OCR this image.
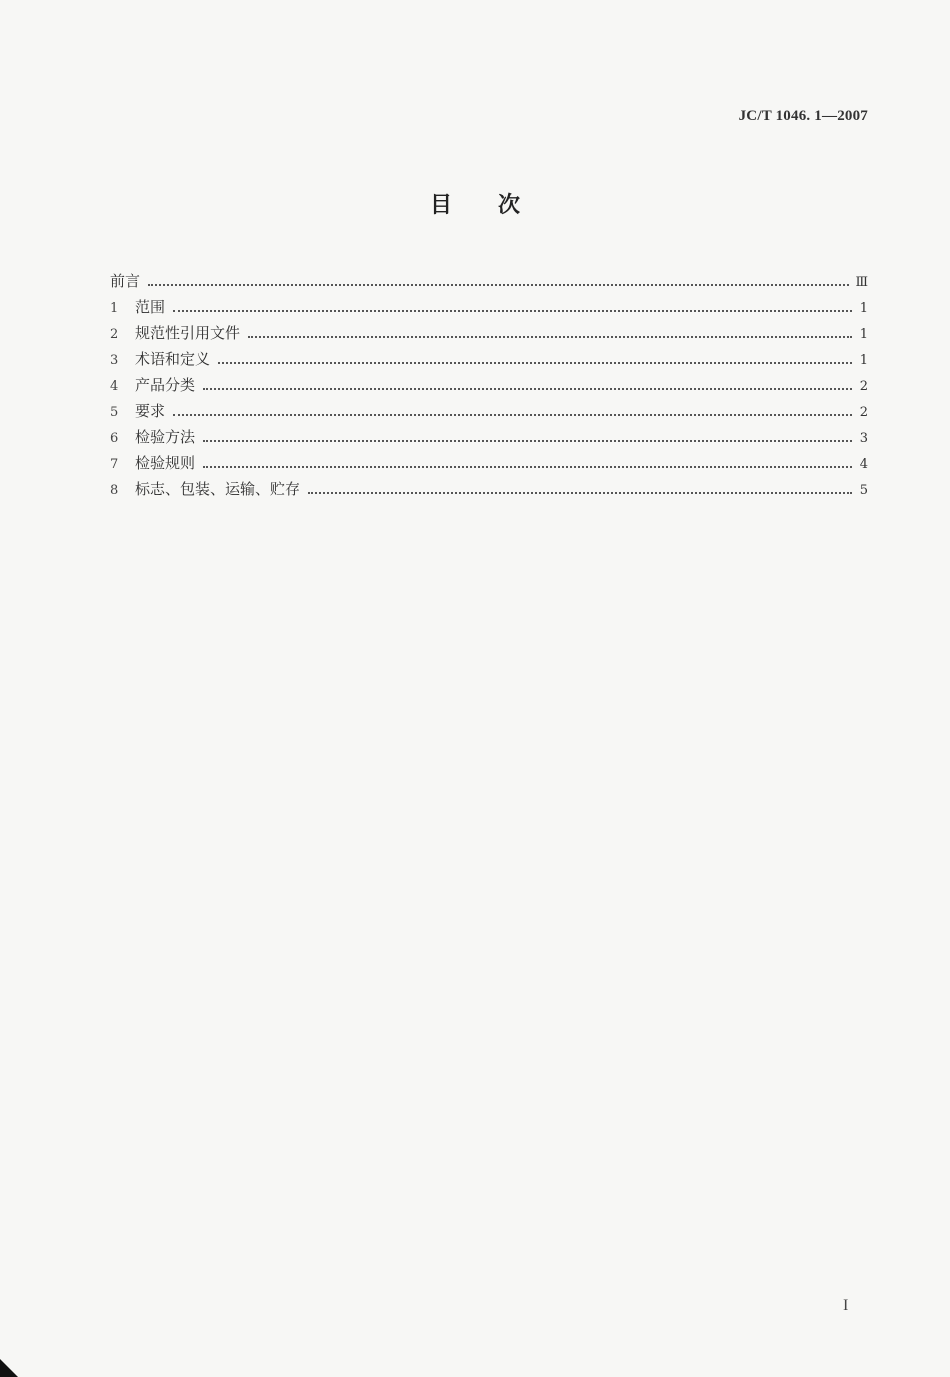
JC/T 1046. 1—2007
目次
前言	Ⅲ
1	范围	1
2	规范性引用文件	1
3	术语和定义	1
4	产品分类	2
5	要求	2
6	检验方法	3
7	检验规则	4
8	标志、包装、运输、贮存	5
I
